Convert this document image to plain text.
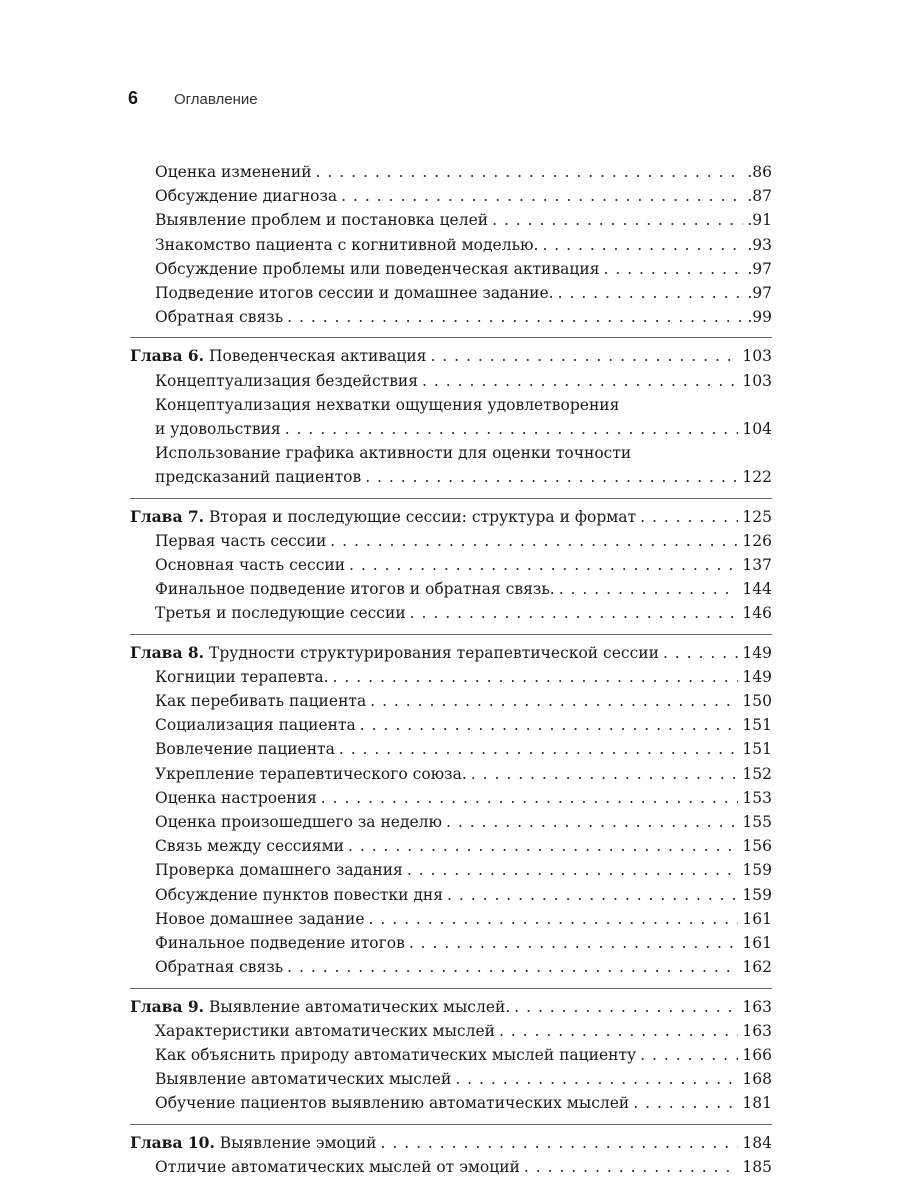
6	Оглавление
Оценка изменений . . .	.86
Обсуждение диагноза . . .	.87
Выявление проблем и постановка целей . . .	.91
Знакомство пациента с когнитивной моделью. . . .	.93
Обсуждение проблемы или поведенческая активация . . .	.97
Подведение итогов сессии и домашнее задание. . . .	.97
Обратная связь . . .	.99
Глава 6. Поведенческая активация . . .	103
Концептуализация бездействия . . .	103
Концептуализация нехватки ощущения удовлетворения
и удовольствия . . .	104
Использование графика активности для оценки точности
предсказаний пациентов . . .	122
Глава 7. Вторая и последующие сессии: структура и формат . . .	125
Первая часть сессии . . .	126
Основная часть сессии . . .	137
Финальное подведение итогов и обратная связь. . . .	144
Третья и последующие сессии . . .	146
Глава 8. Трудности структурирования терапевтической сессии . . .	149
Когниции терапевта. . . .	149
Как перебивать пациента . . .	150
Социализация пациента . . .	151
Вовлечение пациента . . .	151
Укрепление терапевтического союза. . . .	152
Оценка настроения . . .	153
Оценка произошедшего за неделю . . .	155
Связь между сессиями . . .	156
Проверка домашнего задания . . .	159
Обсуждение пунктов повестки дня . . .	159
Новое домашнее задание . . .	161
Финальное подведение итогов . . .	161
Обратная связь . . .	162
Глава 9. Выявление автоматических мыслей. . . .	163
Характеристики автоматических мыслей . . .	163
Как объяснить природу автоматических мыслей пациенту . . .	166
Выявление автоматических мыслей . . .	168
Обучение пациентов выявлению автоматических мыслей . . .	181
Глава 10. Выявление эмоций . . .	184
Отличие автоматических мыслей от эмоций . . .	185
